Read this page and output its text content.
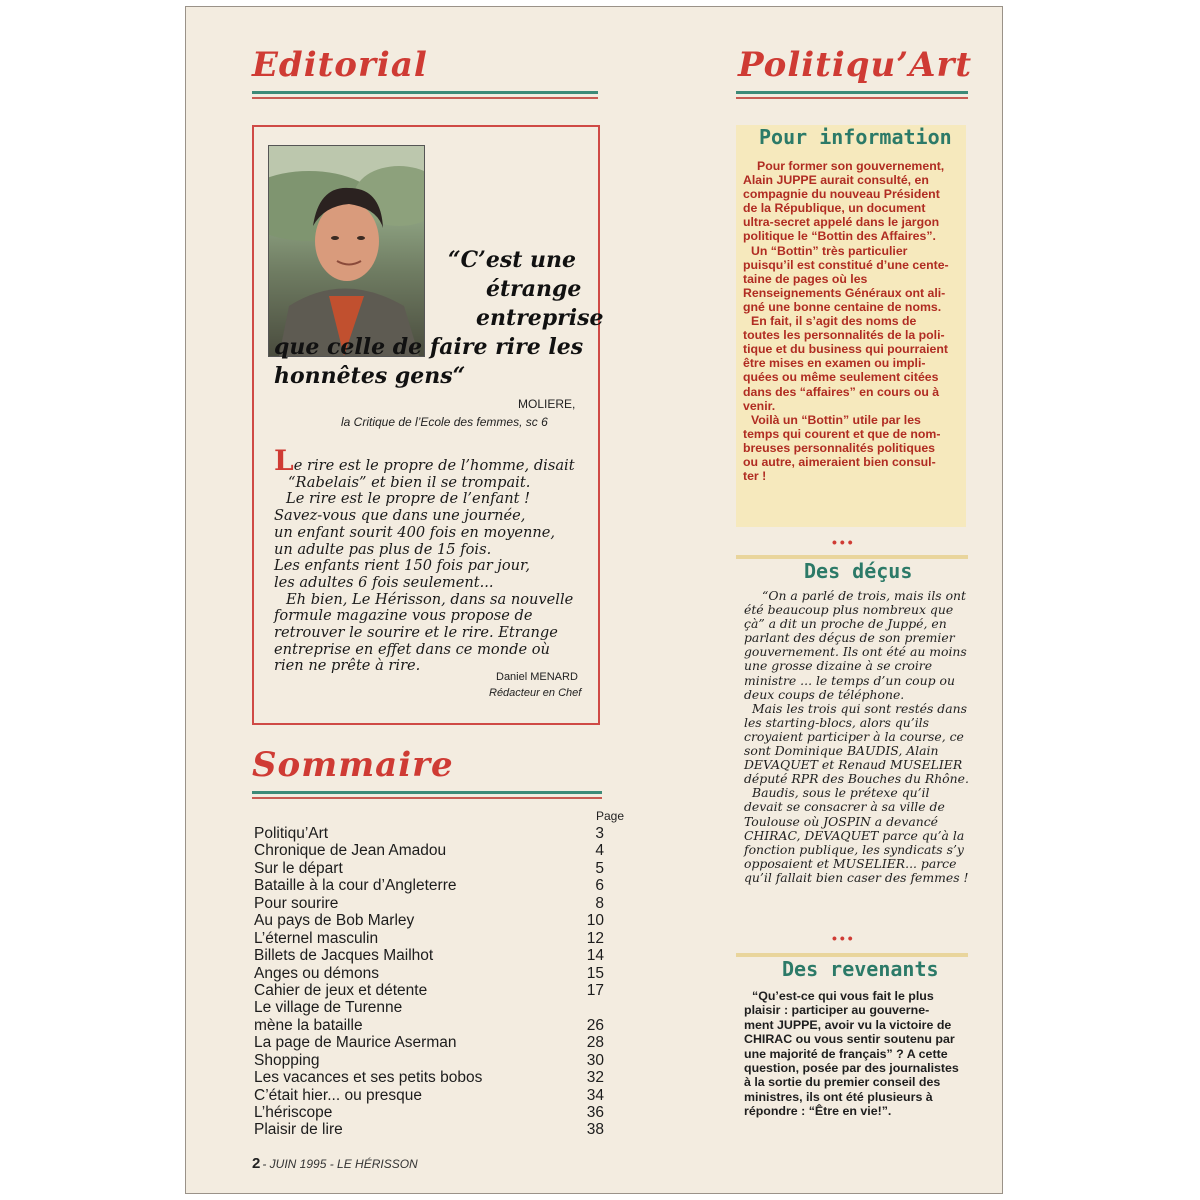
Editorial
“C’est une
étrange
entreprise
que celle de faire rire les
honnêtes gens“
MOLIERE,
la Critique de l’Ecole des femmes, sc 6

Le rire est le propre de l’homme, disait

“Rabelais” et bien il se trompait.

Le rire est le propre de l’enfant !

Savez-vous que dans une journée,

un enfant sourit 400 fois en moyenne,

un adulte pas plus de 15 fois.

Les enfants rient 150 fois par jour,

les adultes 6 fois seulement...

Eh bien, Le Hérisson, dans sa nouvelle

formule magazine vous propose de

retrouver le sourire et le rire. Etrange

entreprise en effet dans ce monde où

rien ne prête à rire.

Daniel MENARD
Rédacteur en Chef
Sommaire
Page
Politiqu’Art	3
Chronique de Jean Amadou	4
Sur le départ	5
Bataille à la cour d’Angleterre	6
Pour sourire	8
Au pays de Bob Marley	10
L’éternel masculin	12
Billets de Jacques Mailhot	14
Anges ou démons	15
Cahier de jeux et détente	17
Le village de Turenne
mène la bataille	26
La page de Maurice Aserman	28
Shopping	30
Les vacances et ses petits bobos	32
C’était hier... ou presque	34
L’hériscope	36
Plaisir de lire	38
2 - JUIN 1995 - LE HÉRISSON
Politiqu’Art
Pour information

Pour former son gouvernement,

Alain JUPPE aurait consulté, en

compagnie du nouveau Président

de la République, un document

ultra-secret appelé dans le jargon

politique le “Bottin des Affaires”.

Un “Bottin” très particulier

puisqu’il est constitué d’une cente-

taine de pages où les

Renseignements Généraux ont ali-

gné une bonne centaine de noms.

En fait, il s’agit des noms de

toutes les personnalités de la poli-

tique et du business qui pourraient

être mises en examen ou impli-

quées ou même seulement citées

dans des “affaires” en cours ou à

venir.

Voilà un “Bottin” utile par les

temps qui courent et que de nom-

breuses personnalités politiques

ou autre, aimeraient bien consul-

ter !

•••
Des déçus

“On a parlé de trois, mais ils ont

été beaucoup plus nombreux que

çà” a dit un proche de Juppé, en

parlant des déçus de son premier

gouvernement. Ils ont été au moins

une grosse dizaine à se croire

ministre ... le temps d’un coup ou

deux coups de téléphone.

Mais les trois qui sont restés dans

les starting-blocs, alors qu’ils

croyaient participer à la course, ce

sont Dominique BAUDIS, Alain

DEVAQUET et Renaud MUSELIER

député RPR des Bouches du Rhône.

Baudis, sous le prétexe qu’il

devait se consacrer à sa ville de

Toulouse où JOSPIN a devancé

CHIRAC, DEVAQUET parce qu’à la

fonction publique, les syndicats s’y

opposaient et MUSELIER... parce

qu’il fallait bien caser des femmes !

•••
Des revenants

“Qu’est-ce qui vous fait le plus

plaisir : participer au gouverne-

ment JUPPE, avoir vu la victoire de

CHIRAC ou vous sentir soutenu par

une majorité de français” ? A cette

question, posée par des journalistes

à la sortie du premier conseil des

ministres, ils ont été plusieurs à

répondre : “Être en vie!”.
